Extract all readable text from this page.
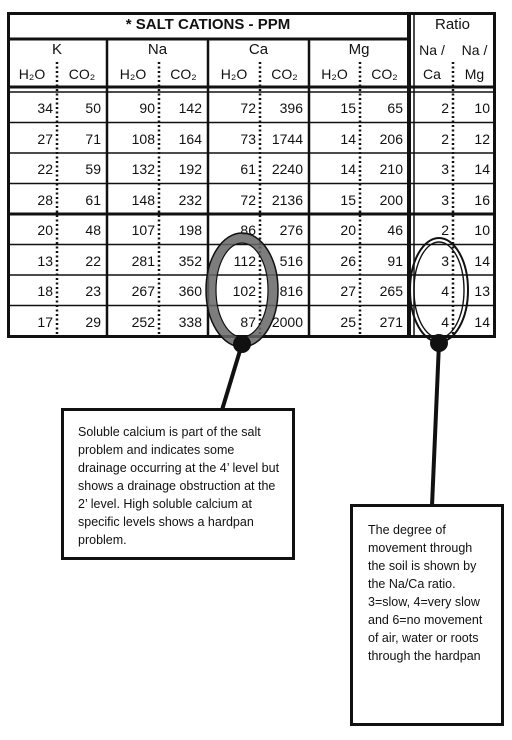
* SALT CATIONS - PPM	Ratio
K
H₂O	CO₂
Na
H₂O	CO₂
Ca
H₂O	CO₂
Mg
H₂O	CO₂
Na /
Ca
Na /
Mg
34	50	90	142	72	396	15	65	2	10
27	71	108	164	73	1744	14	206	2	12
22	59	132	192	61	2240	14	210	3	14
28	61	148	232	72	2136	15	200	3	16
20	48	107	198	86	276	20	46	2	10
13	22	281	352	112	516	26	91	3	14
18	23	267	360	102	816	27	265	4	13
17	29	252	338	87	2000	25	271	4	14
Soluble calcium is part of the salt problem and indicates some drainage occurring at the 4’ level but shows a drainage obstruction at the 2’ level. High soluble calcium at specific levels shows a hardpan problem.
The degree of movement through the soil is shown by the Na/Ca ratio. 3=slow, 4=very slow and 6=no movement of air, water or roots through the hardpan
